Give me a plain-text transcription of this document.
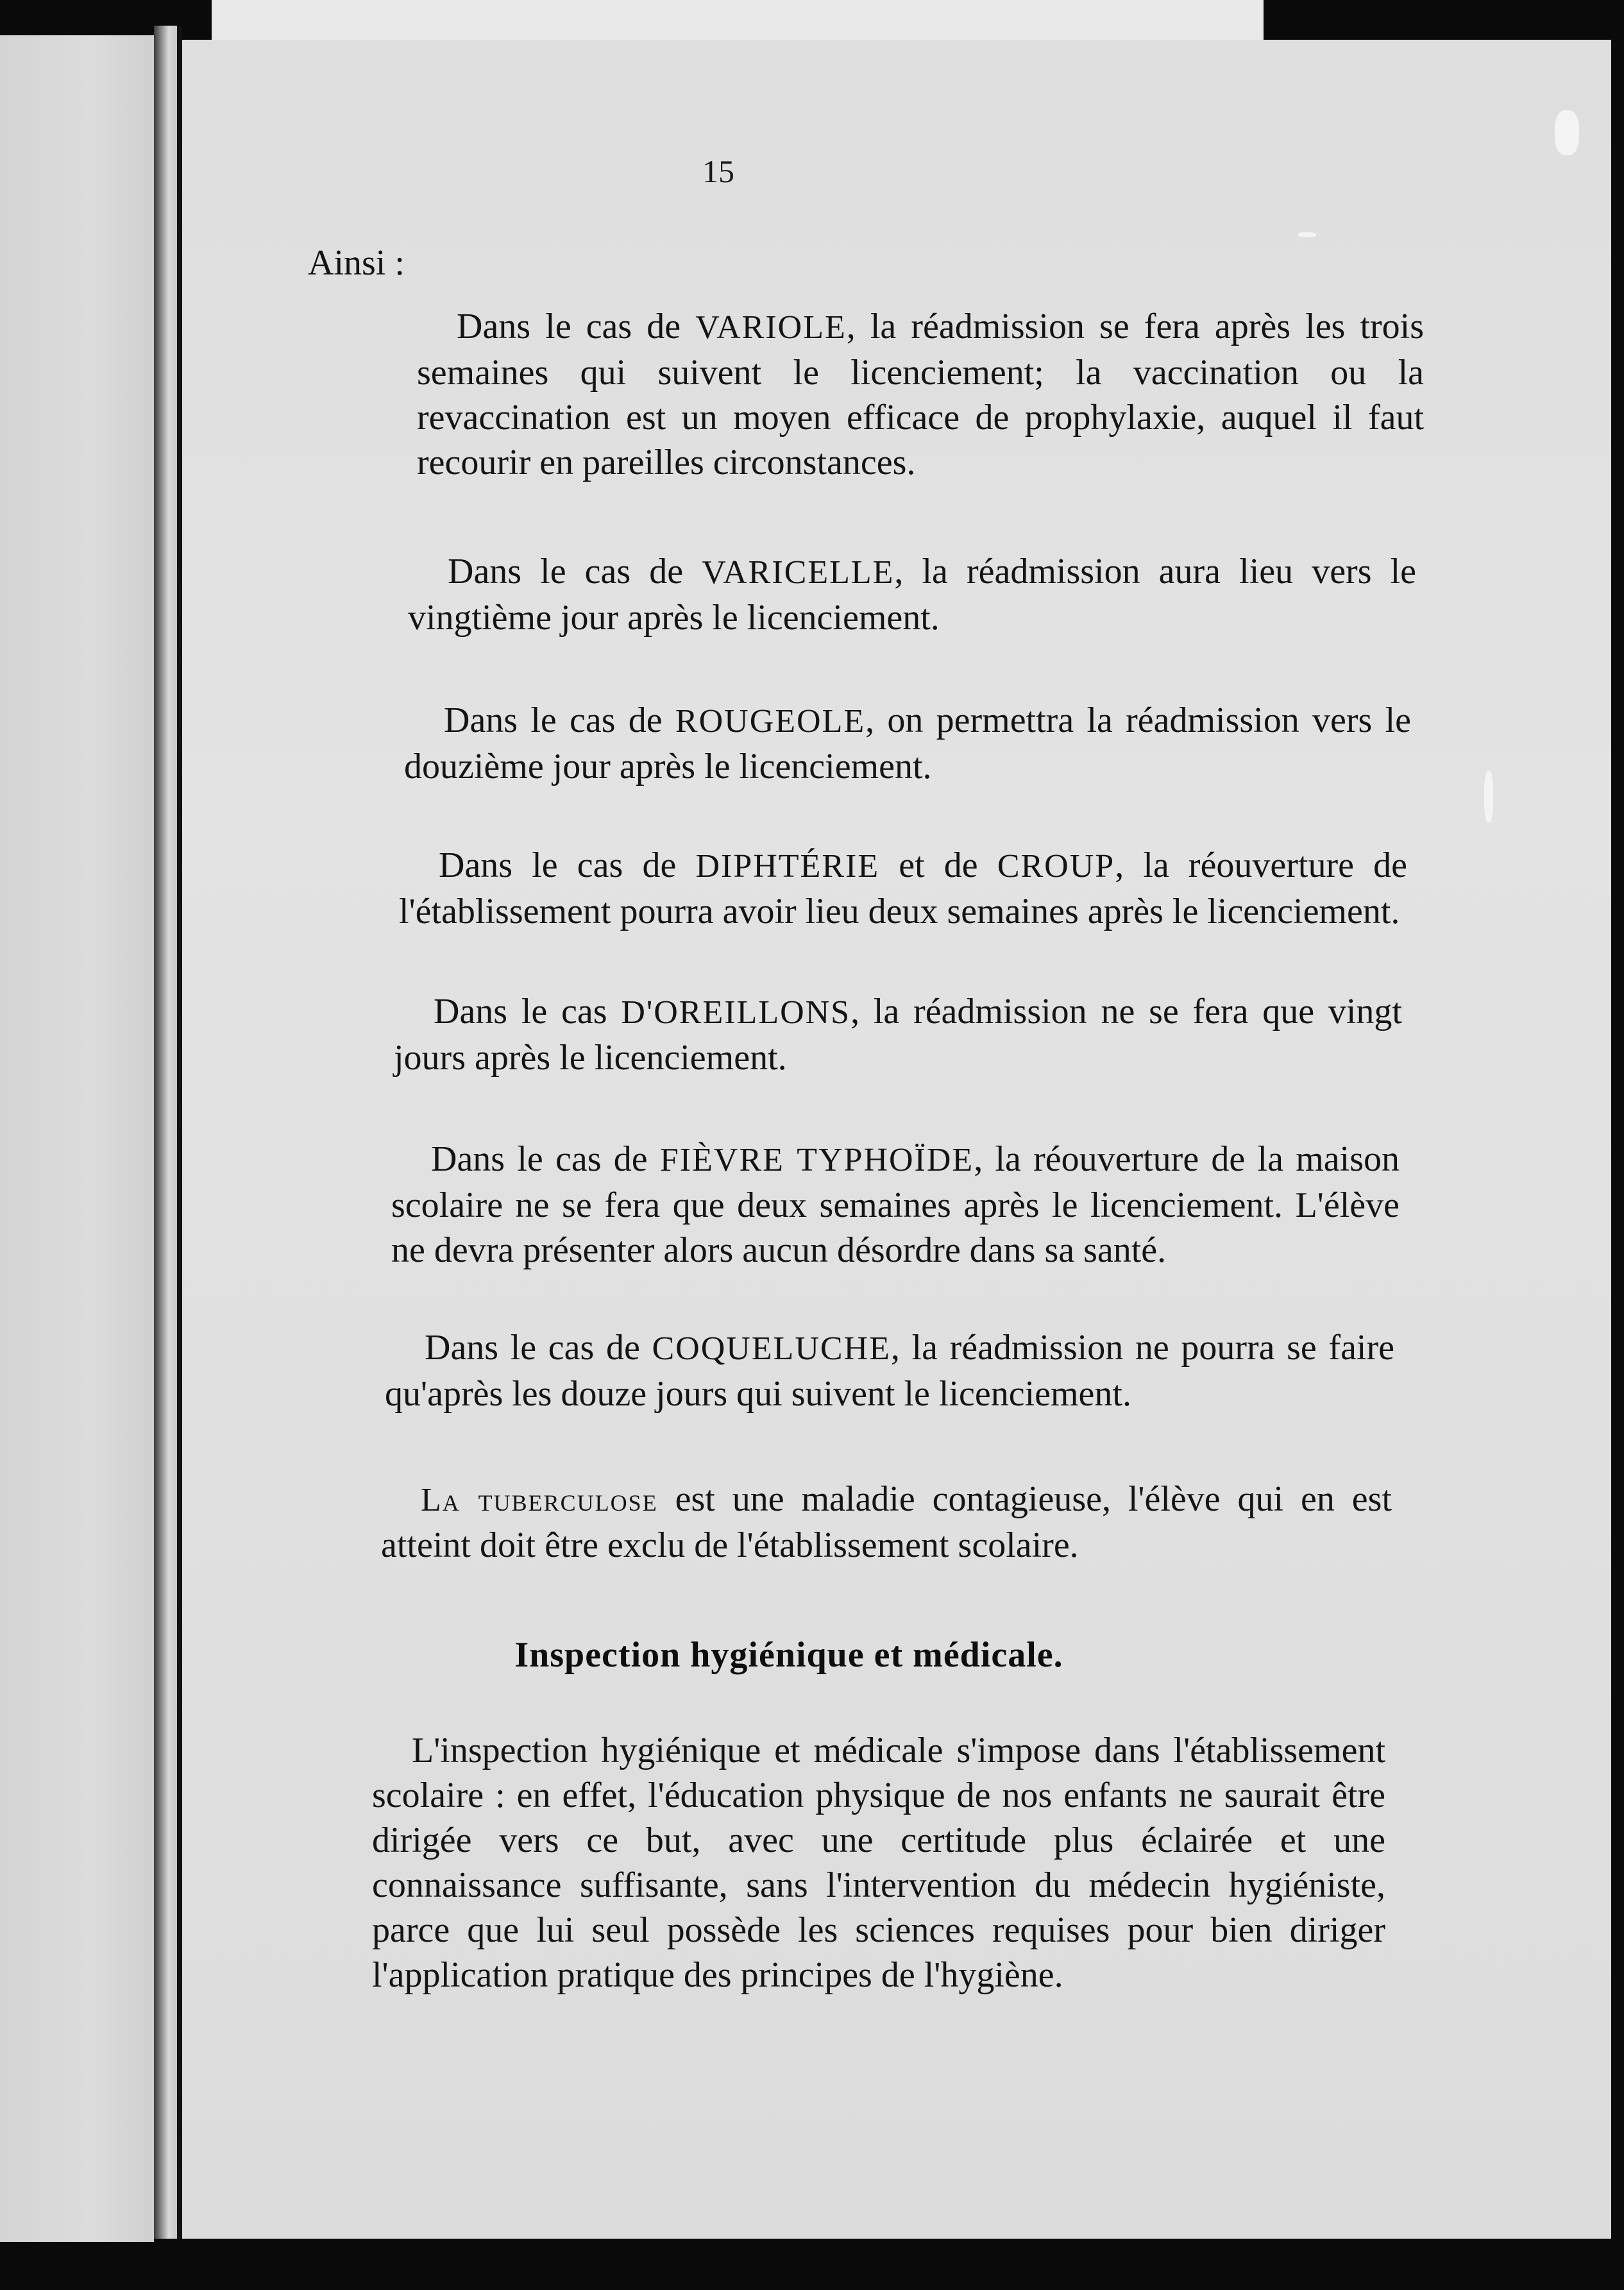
15

Ainsi :

Dans le cas de VARIOLE, la réadmission se fera après les trois semaines qui suivent le licenciement; la vaccination ou la revaccination est un moyen efficace de prophylaxie, auquel il faut recourir en pareilles circonstances.

Dans le cas de VARICELLE, la réadmission aura lieu vers le vingtième jour après le licenciement.

Dans le cas de ROUGEOLE, on permettra la réadmission vers le douzième jour après le licenciement.

Dans le cas de DIPHTÉRIE et de CROUP, la réouverture de l'établissement pourra avoir lieu deux semaines après le licenciement.

Dans le cas D'OREILLONS, la réadmission ne se fera que vingt jours après le licenciement.

Dans le cas de FIÈVRE TYPHOÏDE, la réouverture de la maison scolaire ne se fera que deux semaines après le licenciement. L'élève ne devra présenter alors aucun désordre dans sa santé.

Dans le cas de COQUELUCHE, la réadmission ne pourra se faire qu'après les douze jours qui suivent le licenciement.

La tuberculose est une maladie contagieuse, l'élève qui en est atteint doit être exclu de l'établissement scolaire.

Inspection hygiénique et médicale.

L'inspection hygiénique et médicale s'impose dans l'établissement scolaire : en effet, l'éducation physique de nos enfants ne saurait être dirigée vers ce but, avec une certitude plus éclairée et une connaissance suffisante, sans l'intervention du médecin hygiéniste, parce que lui seul possède les sciences requises pour bien diriger l'application pratique des principes de l'hygiène.
